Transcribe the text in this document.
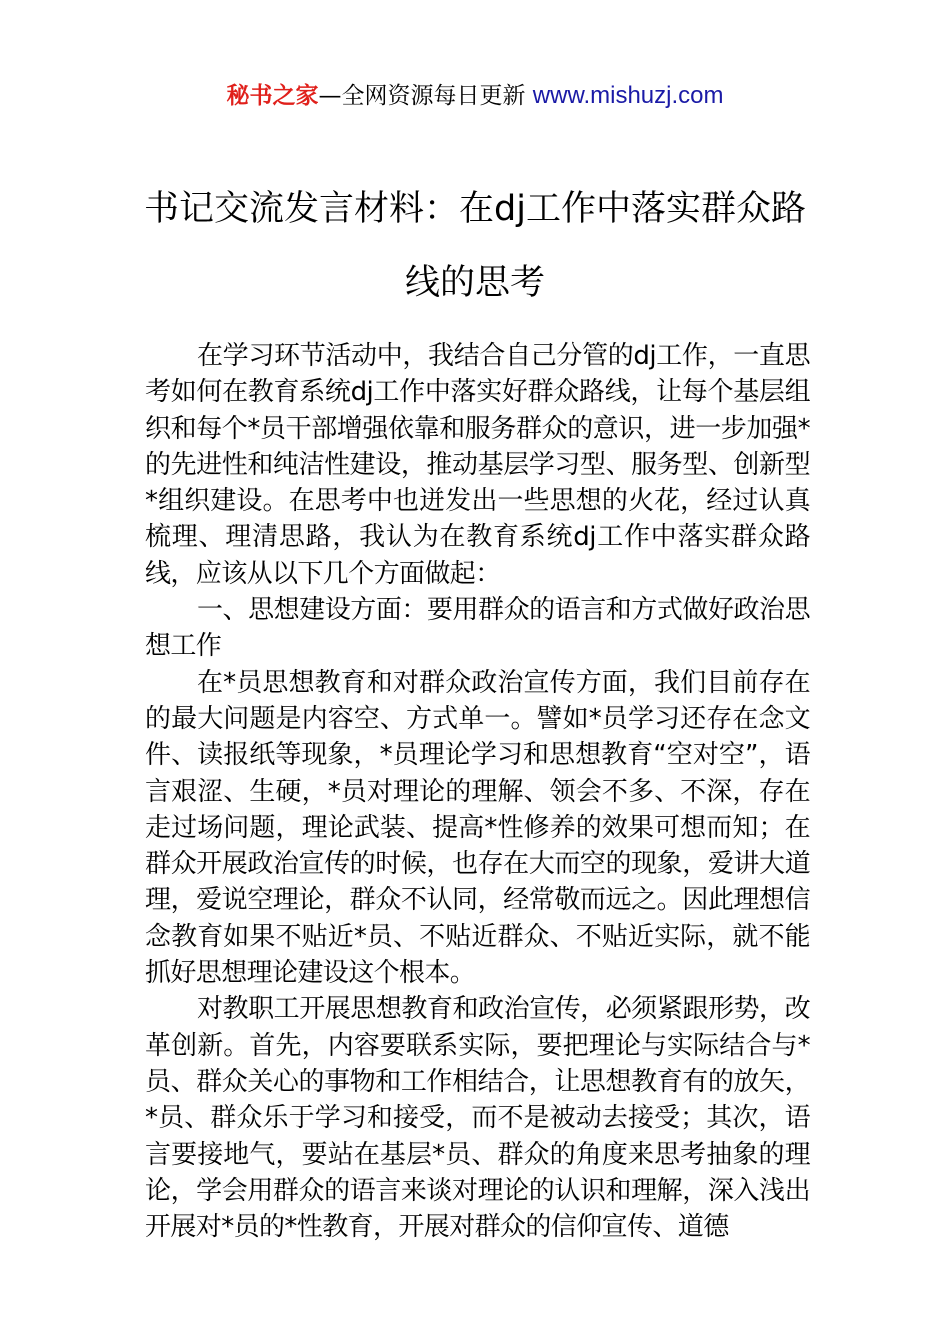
秘书之家—全网资源每日更新 www.mishuzj.com
书记交流发言材料：在dj工作中落实群众路线的思考

在学习环节活动中，我结合自己分管的dj工作，一直思考如何在教育系统dj工作中落实好群众路线，让每个基层组织和每个*员干部增强依靠和服务群众的意识，进一步加强*的先进性和纯洁性建设，推动基层学习型、服务型、创新型*组织建设。在思考中也迸发出一些思想的火花，经过认真梳理、理清思路，我认为在教育系统dj工作中落实群众路线，应该从以下几个方面做起：

一、思想建设方面：要用群众的语言和方式做好政治思想工作

在*员思想教育和对群众政治宣传方面，我们目前存在的最大问题是内容空、方式单一。譬如*员学习还存在念文件、读报纸等现象，*员理论学习和思想教育“空对空”，语言艰涩、生硬，*员对理论的理解、领会不多、不深，存在走过场问题，理论武装、提高*性修养的效果可想而知；在群众开展政治宣传的时候，也存在大而空的现象，爱讲大道理，爱说空理论，群众不认同，经常敬而远之。因此理想信念教育如果不贴近*员、不贴近群众、不贴近实际，就不能抓好思想理论建设这个根本。

对教职工开展思想教育和政治宣传，必须紧跟形势，改革创新。首先，内容要联系实际，要把理论与实际结合与*员、群众关心的事物和工作相结合，让思想教育有的放矢，*员、群众乐于学习和接受，而不是被动去接受；其次，语言要接地气，要站在基层*员、群众的角度来思考抽象的理论，学会用群众的语言来谈对理论的认识和理解，深入浅出开展对*员的*性教育，开展对群众的信仰宣传、道德
